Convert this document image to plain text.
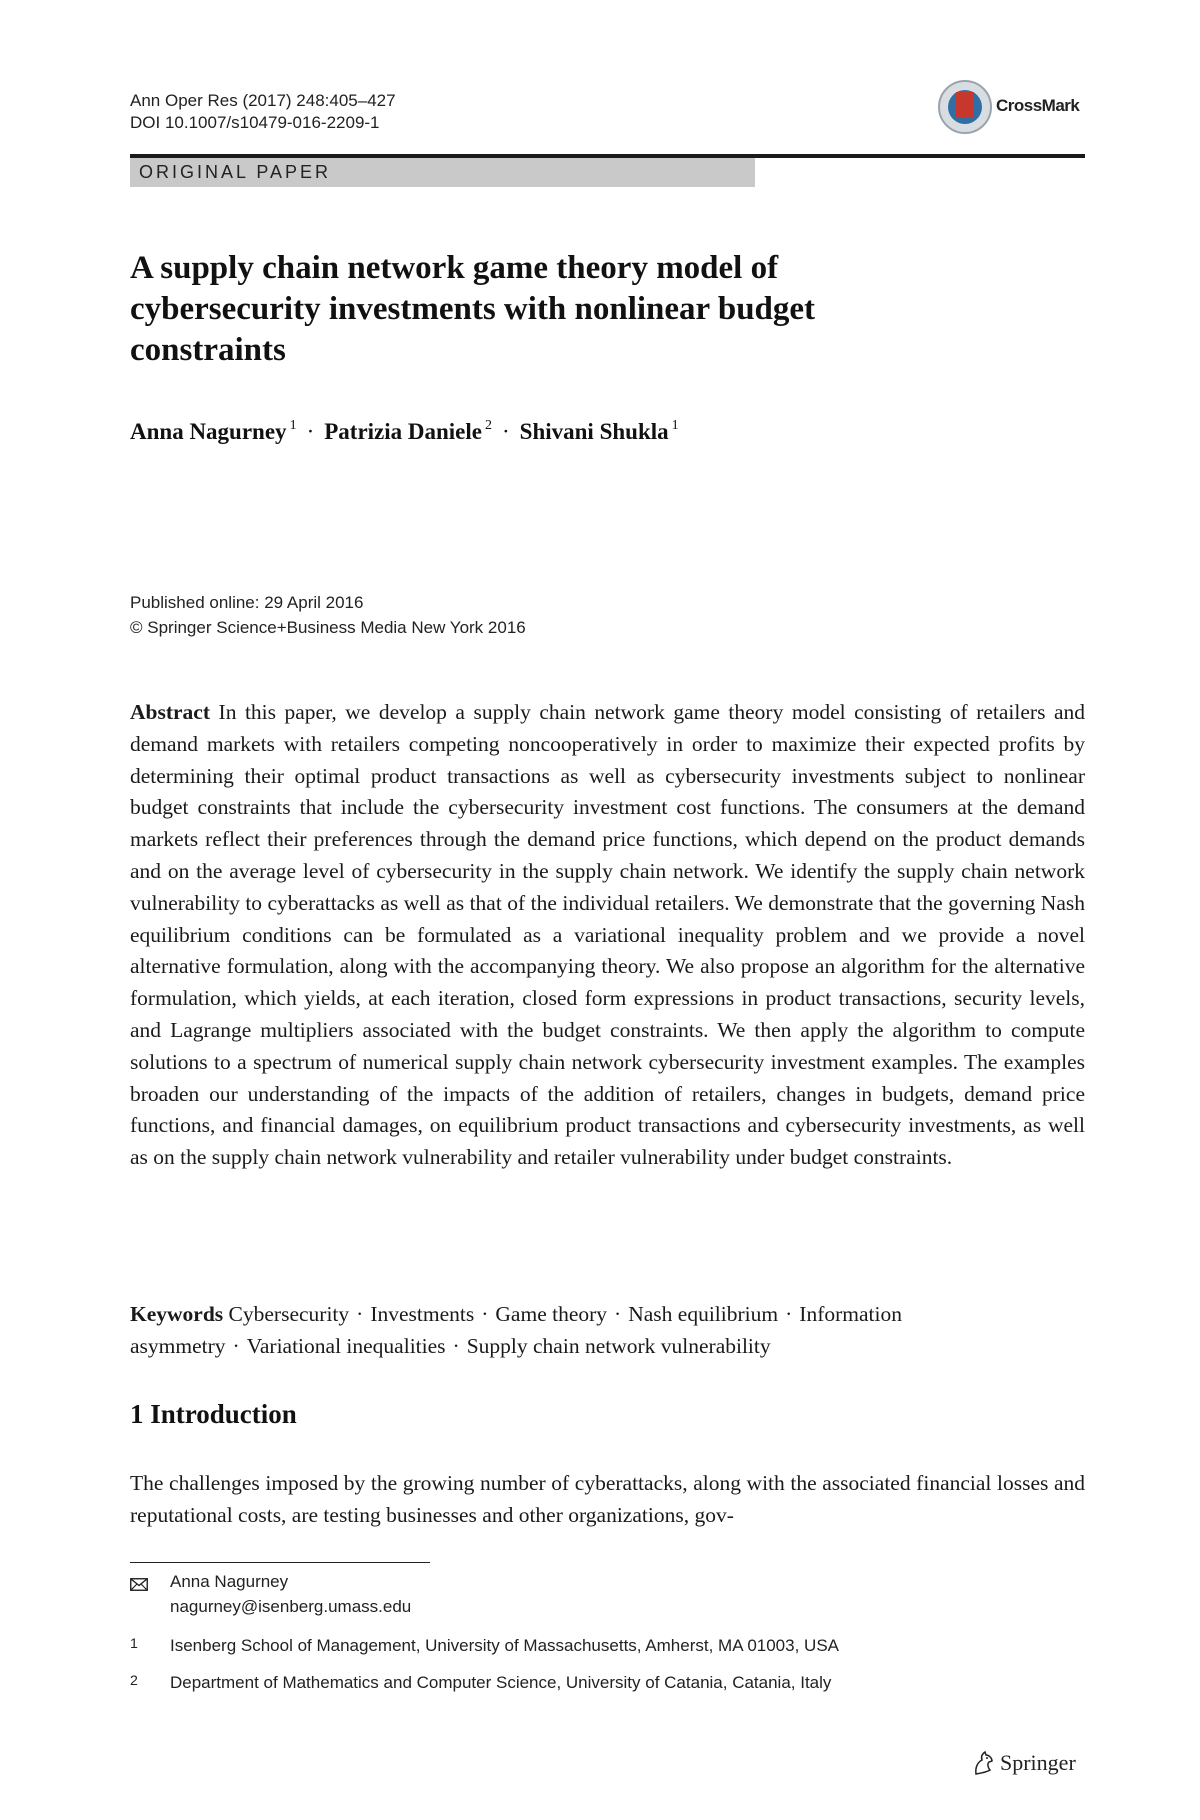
Ann Oper Res (2017) 248:405–427
DOI 10.1007/s10479-016-2209-1
CrossMark
ORIGINAL PAPER
A supply chain network game theory model of cybersecurity investments with nonlinear budget constraints
Anna Nagurney $^1$ · Patrizia Daniele $^2$ · Shivani Shukla $^1$
Published online: 29 April 2016
© Springer Science+Business Media New York 2016

Abstract In this paper, we develop a supply chain network game theory model consisting of retailers and demand markets with retailers competing noncooperatively in order to maximize their expected profits by determining their optimal product transactions as well as cybersecurity investments subject to nonlinear budget constraints that include the cybersecurity investment cost functions. The consumers at the demand markets reflect their preferences through the demand price functions, which depend on the product demands and on the average level of cybersecurity in the supply chain network. We identify the supply chain network vulnerability to cyberattacks as well as that of the individual retailers. We demonstrate that the governing Nash equilibrium conditions can be formulated as a variational inequality problem and we provide a novel alternative formulation, along with the accompanying theory. We also propose an algorithm for the alternative formulation, which yields, at each iteration, closed form expressions in product transactions, security levels, and Lagrange multipliers associated with the budget constraints. We then apply the algorithm to compute solutions to a spectrum of numerical supply chain network cybersecurity investment examples. The examples broaden our understanding of the impacts of the addition of retailers, changes in budgets, demand price functions, and financial damages, on equilibrium product transactions and cybersecurity investments, as well as on the supply chain network vulnerability and retailer vulnerability under budget constraints.

Keywords Cybersecurity · Investments · Game theory · Nash equilibrium · Information asymmetry · Variational inequalities · Supply chain network vulnerability

1 Introduction

The challenges imposed by the growing number of cyberattacks, along with the associated financial losses and reputational costs, are testing businesses and other organizations, gov-

Anna Nagurney
nagurney@isenberg.umass.edu
1	Isenberg School of Management, University of Massachusetts, Amherst, MA 01003, USA
2	Department of Mathematics and Computer Science, University of Catania, Catania, Italy
Springer
